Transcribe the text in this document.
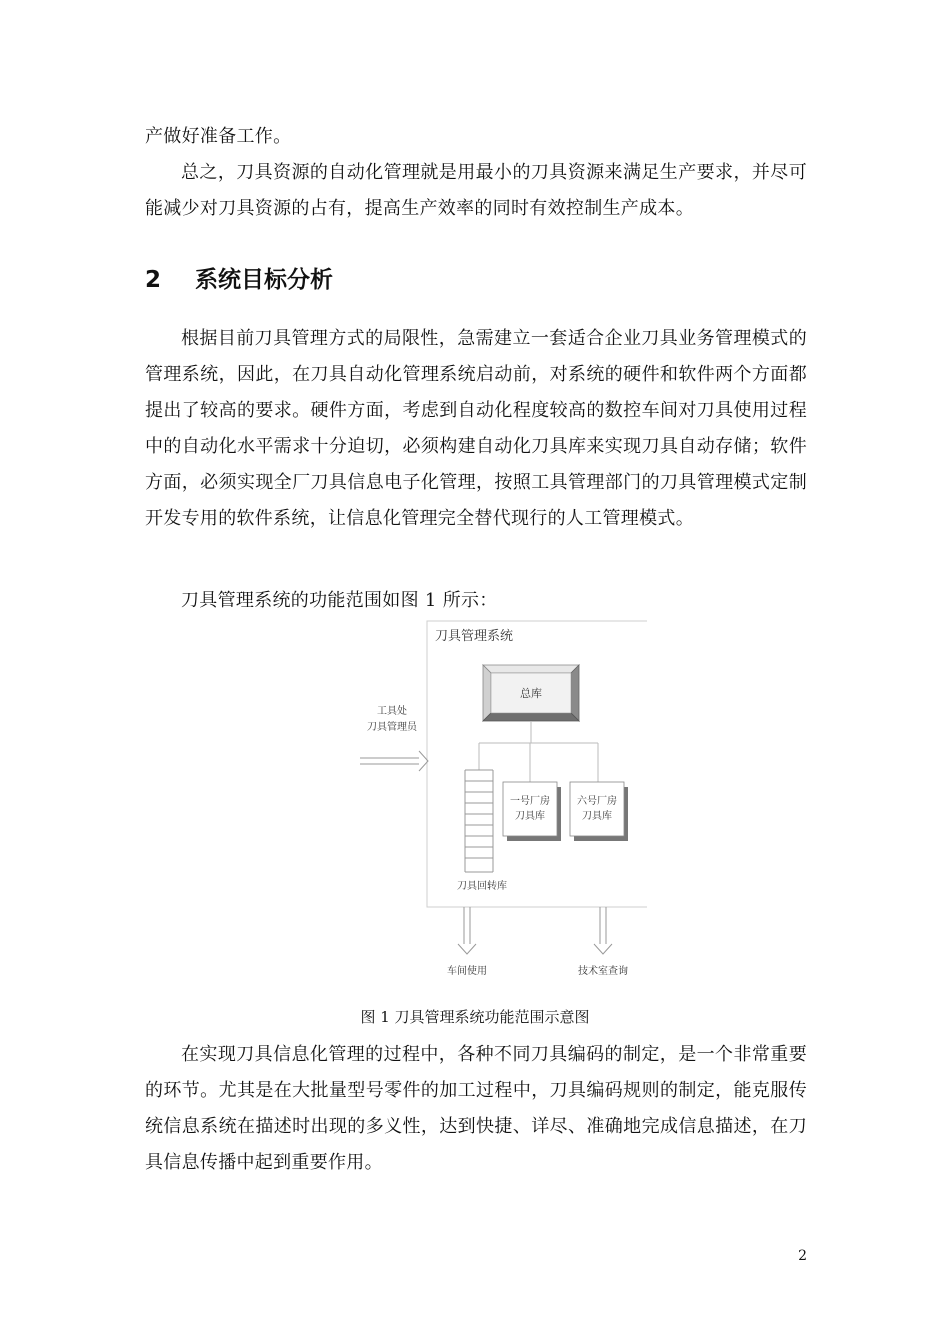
产做好准备工作。

总之，刀具资源的自动化管理就是用最小的刀具资源来满足生产要求，并尽可能减少对刀具资源的占有，提高生产效率的同时有效控制生产成本。

2 系统目标分析

根据目前刀具管理方式的局限性，急需建立一套适合企业刀具业务管理模式的管理系统，因此，在刀具自动化管理系统启动前，对系统的硬件和软件两个方面都提出了较高的要求。硬件方面，考虑到自动化程度较高的数控车间对刀具使用过程中的自动化水平需求十分迫切，必须构建自动化刀具库来实现刀具自动存储；软件方面，必须实现全厂刀具信息电子化管理，按照工具管理部门的刀具管理模式定制开发专用的软件系统，让信息化管理完全替代现行的人工管理模式。

刀具管理系统的功能范围如图 1 所示：

刀具管理系统
总库
工具处
刀具管理员
刀具回转库
一号厂房
刀具库
六号厂房
刀具库
车间使用	技术室查询

图 1 刀具管理系统功能范围示意图

在实现刀具信息化管理的过程中，各种不同刀具编码的制定，是一个非常重要的环节。尤其是在大批量型号零件的加工过程中，刀具编码规则的制定，能克服传统信息系统在描述时出现的多义性，达到快捷、详尽、准确地完成信息描述，在刀具信息传播中起到重要作用。

2
